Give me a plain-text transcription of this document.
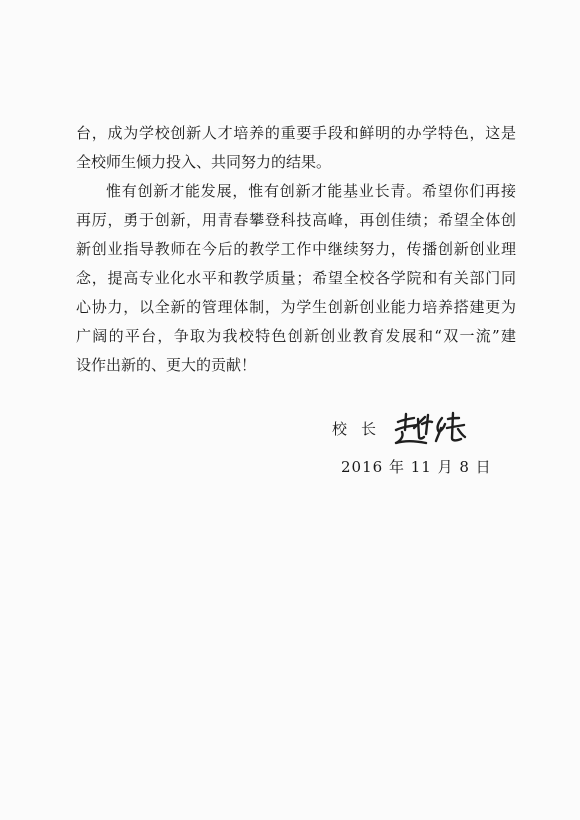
台，成为学校创新人才培养的重要手段和鲜明的办学特色，这是
全校师生倾力投入、共同努力的结果。
惟有创新才能发展，惟有创新才能基业长青。希望你们再接
再厉，勇于创新，用青春攀登科技高峰，再创佳绩；希望全体创
新创业指导教师在今后的教学工作中继续努力，传播创新创业理
念，提高专业化水平和教学质量；希望全校各学院和有关部门同
心协力，以全新的管理体制，为学生创新创业能力培养搭建更为
广阔的平台，争取为我校特色创新创业教育发展和“双一流”建
设作出新的、更大的贡献！
校长
2016 年 11 月 8 日
